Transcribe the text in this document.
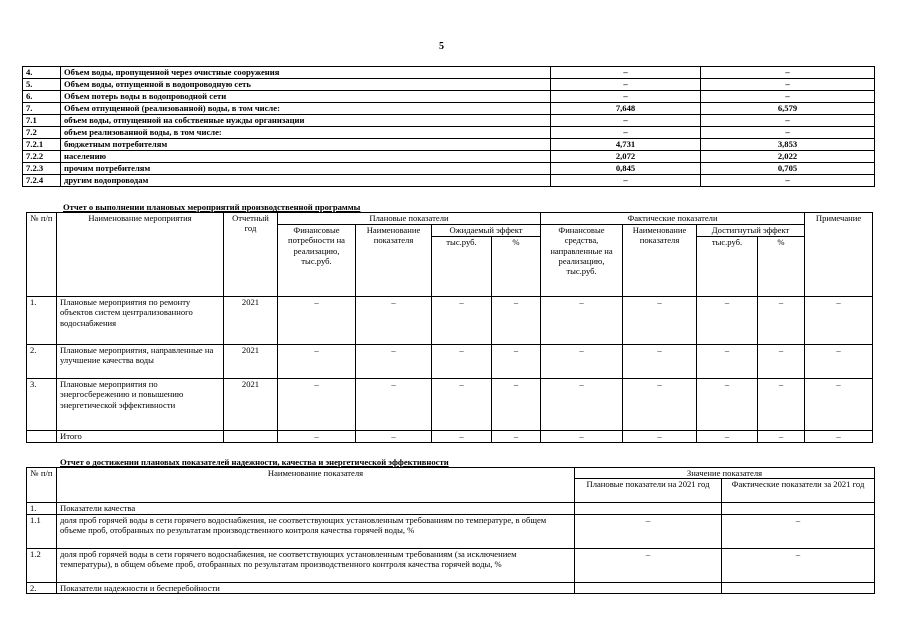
5
4.	Объем воды, пропущенной через очистные сооружения	–	–
5.	Объем воды, отпущенной в водопроводную сеть	–	–
6.	Объем потерь воды в водопроводной сети	–	–
7.	Объем отпущенной (реализованной) воды, в том числе:	7,648	6,579
7.1	объем воды, отпущенной на собственные нужды организации	–	–
7.2	объем реализованной воды, в том числе:	–	–
7.2.1	бюджетным потребителям	4,731	3,853
7.2.2	населению	2,072	2,022
7.2.3	прочим потребителям	0,845	0,705
7.2.4	другим водопроводам	–	–
Отчет о выполнении плановых мероприятий производственной программы
№ п/п	Наименование мероприятия	Отчетный год	Плановые показатели				Фактические показатели				Примечание
			Финансовые потребности на реализацию, тыс.руб.	Наименование показателя	Ожидаемый эффект		Финансовые средства, направленные на реализацию, тыс.руб.	Наименование показателя	Достигнутый эффект		
					тыс.руб.	%			тыс.руб.	%	
1.	Плановые мероприятия по ремонту объектов систем централизованного водоснабжения	2021	–	–	–	–	–	–	–	–	–
2.	Плановые мероприятия, направленные на улучшение качества воды	2021	–	–	–	–	–	–	–	–	–
3.	Плановые мероприятия по энергосбережению и повышению энергетической эффективности	2021	–	–	–	–	–	–	–	–	–
	Итого		–	–	–	–	–	–	–	–	–
Отчет о достижении плановых показателей надежности, качества и энергетической эффективности
№ п/п	Наименование показателя	Значение показателя	
		Плановые показатели на 2021 год	Фактические показатели за 2021 год
1.	Показатели качества		
1.1	доля проб горячей воды в сети горячего водоснабжения, не соответствующих установленным требованиям по температуре, в общем объеме проб, отобранных по результатам производственного контроля качества горячей воды, %	–	–
1.2	доля проб горячей воды в сети горячего водоснабжения, не соответствующих установленным требованиям (за исключением температуры), в общем объеме проб, отобранных по результатам производственного контроля качества горячей воды, %	–	–
2.	Показатели надежности и бесперебойности		
